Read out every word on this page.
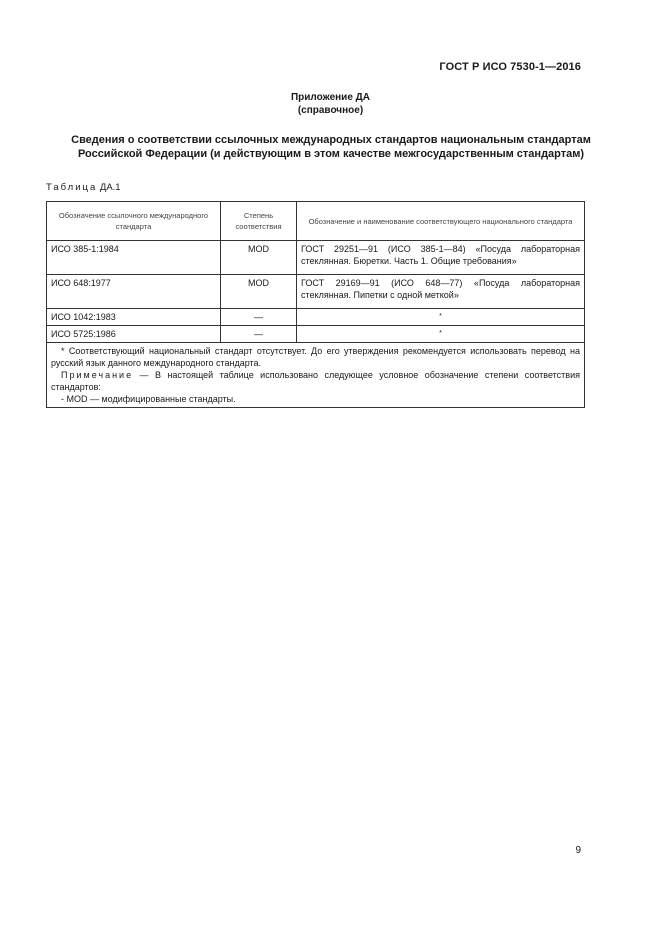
ГОСТ Р ИСО 7530-1—2016
Приложение ДА
(справочное)
Сведения о соответствии ссылочных международных стандартов национальным стандартам
Российской Федерации (и действующим в этом качестве межгосударственным стандартам)
Таблица ДА.1
Обозначение ссылочного международного стандарта	Степень соответствия	Обозначение и наименование соответствующего национального стандарта
ИСО 385-1:1984	MOD	ГОСТ 29251—91 (ИСО 385-1—84) «Посуда лабораторная стеклянная. Бюретки. Часть 1. Общие требования»
ИСО 648:1977	MOD	ГОСТ 29169—91 (ИСО 648—77) «Посуда лабораторная стеклянная. Пипетки с одной меткой»
ИСО 1042:1983	—	*
ИСО 5725:1986	—	*

* Соответствующий национальный стандарт отсутствует. До его утверждения рекомендуется использовать перевод на русский язык данного международного стандарта.

Примечание — В настоящей таблице использовано следующее условное обозначение степени соответствия стандартов:

- MOD — модифицированные стандарты.		

9
